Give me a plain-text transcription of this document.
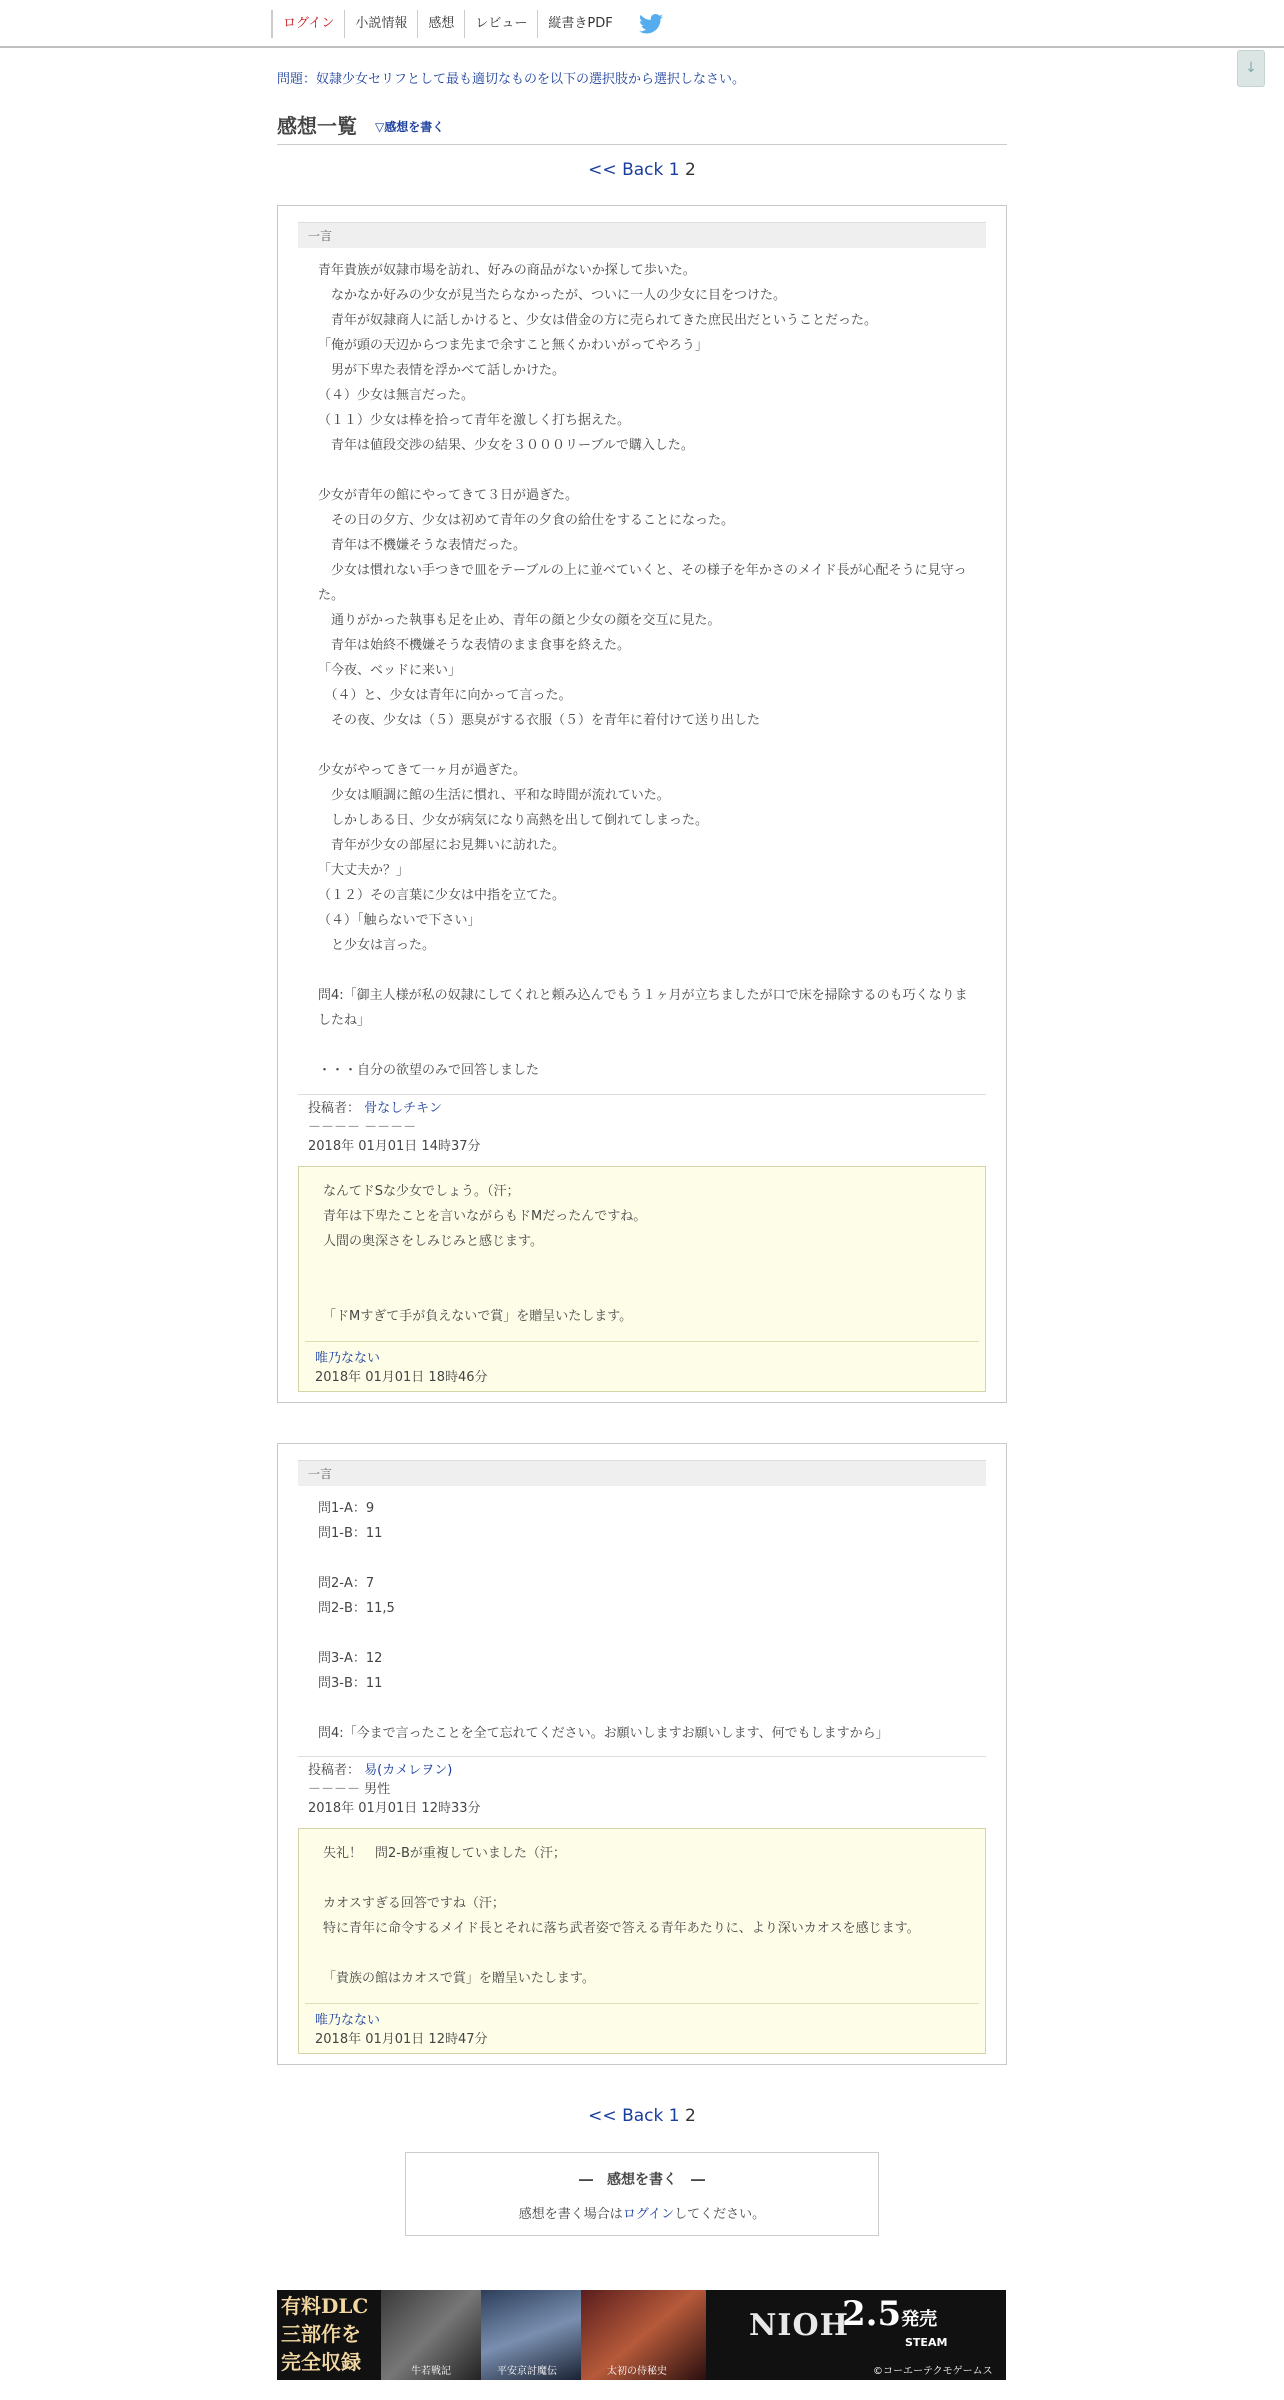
ログイン	小説情報	感想	レビュー	縦書きPDF
↓
問題：奴隷少女セリフとして最も適切なものを以下の選択肢から選択しなさい。
感想一覧 ▽感想を書く
<< Back 1 2
一言
青年貴族が奴隷市場を訪れ、好みの商品がないか探して歩いた。
　なかなか好みの少女が見当たらなかったが、ついに一人の少女に目をつけた。
　青年が奴隷商人に話しかけると、少女は借金の方に売られてきた庶民出だということだった。
「俺が頭の天辺からつま先まで余すこと無くかわいがってやろう」
　男が下卑た表情を浮かべて話しかけた。
（４）少女は無言だった。
（１１）少女は棒を拾って青年を激しく打ち据えた。
　青年は値段交渉の結果、少女を３０００リーブルで購入した。

少女が青年の館にやってきて３日が過ぎた。
　その日の夕方、少女は初めて青年の夕食の給仕をすることになった。
　青年は不機嫌そうな表情だった。
　少女は慣れない手つきで皿をテーブルの上に並べていくと、その様子を年かさのメイド長が心配そうに見守った。
　通りがかった執事も足を止め、青年の顔と少女の顔を交互に見た。
　青年は始終不機嫌そうな表情のまま食事を終えた。
「今夜、ベッドに来い」
　（４）と、少女は青年に向かって言った。
　その夜、少女は（５）悪臭がする衣服（５）を青年に着付けて送り出した

少女がやってきて一ヶ月が過ぎた。
　少女は順調に館の生活に慣れ、平和な時間が流れていた。
　しかしある日、少女が病気になり高熱を出して倒れてしまった。
　青年が少女の部屋にお見舞いに訪れた。
「大丈夫か？」
（１２）その言葉に少女は中指を立てた。
（４）「触らないで下さい」
　と少女は言った。

問4:「御主人様が私の奴隷にしてくれと頼み込んでもう１ヶ月が立ちましたが口で床を掃除するのも巧くなりましたね」

・・・自分の欲望のみで回答しました
投稿者： 骨なしチキン
－－－－ －－－－
2018年 01月01日 14時37分
なんてドSな少女でしょう。（汗；
青年は下卑たことを言いながらもドMだったんですね。
人間の奥深さをしみじみと感じます。

「ドMすぎて手が負えないで賞」を贈呈いたします。
唯乃なない
2018年 01月01日 18時46分
一言
問1-A：9
問1-B：11

問2-A：7
問2-B：11,5

問3-A：12
問3-B：11

問4:「今まで言ったことを全て忘れてください。お願いしますお願いします、何でもしますから」
投稿者： 易(カメレヲン)
－－－－ 男性
2018年 01月01日 12時33分
失礼！　問2-Bが重複していました（汗；

カオスすぎる回答ですね（汗；
特に青年に命令するメイド長とそれに落ち武者姿で答える青年あたりに、より深いカオスを感じます。

「貴族の館はカオスで賞」を贈呈いたします。
唯乃なない
2018年 01月01日 12時47分
<< Back 1 2
―　感想を書く　―
感想を書く場合はログインしてください。
有料DLC
三部作を
完全収録	牛若戦記	平安京討魔伝	太初の侍秘史
NIOH
2.5発売
STEAM
©コーエーテクモゲームス
